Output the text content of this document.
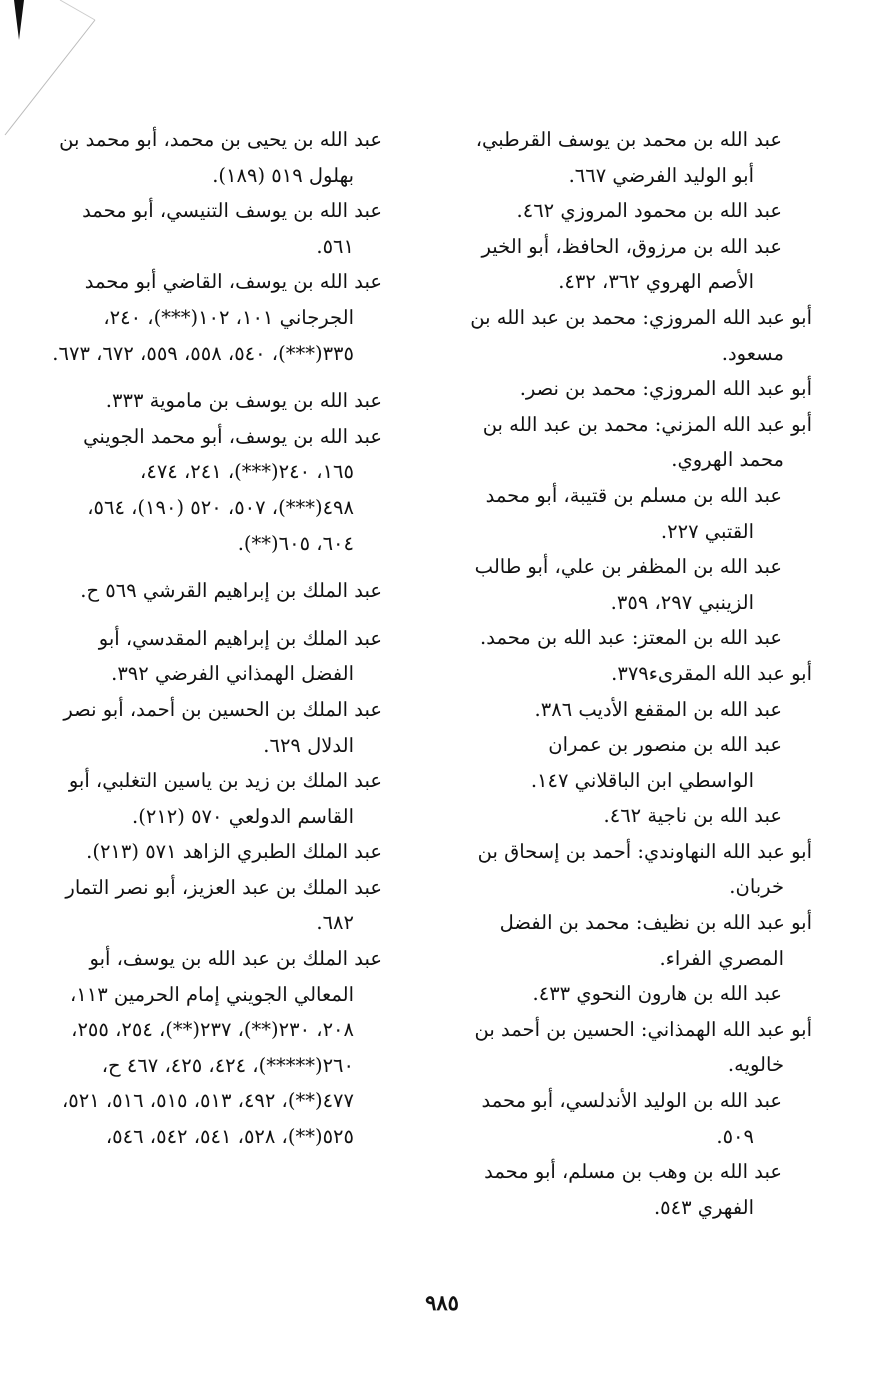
عبد الله بن محمد بن يوسف القرطبي، أبو الوليد الفرضي ٦٦٧.

عبد الله بن محمود المروزي ٤٦٢.

عبد الله بن مرزوق، الحافظ، أبو الخير الأصم الهروي ٣٦٢، ٤٣٢.

أبو عبد الله المروزي: محمد بن عبد الله بن مسعود.

أبو عبد الله المروزي: محمد بن نصر.

أبو عبد الله المزني: محمد بن عبد الله بن محمد الهروي.

عبد الله بن مسلم بن قتيبة، أبو محمد القتبي ٢٢٧.

عبد الله بن المظفر بن علي، أبو طالب الزينبي ٢٩٧، ٣٥٩.

عبد الله بن المعتز: عبد الله بن محمد.

أبو عبد الله المقرىء٣٧٩.

عبد الله بن المقفع الأديب ٣٨٦.

عبد الله بن منصور بن عمران الواسطي ابن الباقلاني ١٤٧.

عبد الله بن ناجية ٤٦٢.

أبو عبد الله النهاوندي: أحمد بن إسحاق بن خربان.

أبو عبد الله بن نظيف: محمد بن الفضل المصري الفراء.

عبد الله بن هارون النحوي ٤٣٣.

أبو عبد الله الهمذاني: الحسين بن أحمد بن خالويه.

عبد الله بن الوليد الأندلسي، أبو محمد ٥٠٩.

عبد الله بن وهب بن مسلم، أبو محمد الفهري ٥٤٣.

عبد الله بن يحيى بن محمد، أبو محمد بن بهلول ٥١٩ (١٨٩).

عبد الله بن يوسف التنيسي، أبو محمد ٥٦١.

عبد الله بن يوسف، القاضي أبو محمد الجرجاني ١٠١، ١٠٢(***)، ٢٤٠، ٣٣٥(***)، ٥٤٠، ٥٥٨، ٥٥٩، ٦٧٢، ٦٧٣.

عبد الله بن يوسف بن ماموية ٣٣٣.

عبد الله بن يوسف، أبو محمد الجويني ١٦٥، ٢٤٠(***)، ٢٤١، ٤٧٤، ٤٩٨(***)، ٥٠٧، ٥٢٠ (١٩٠)، ٥٦٤، ٦٠٤، ٦٠٥(**).

عبد الملك بن إبراهيم القرشي ٥٦٩ ح.

عبد الملك بن إبراهيم المقدسي، أبو الفضل الهمذاني الفرضي ٣٩٢.

عبد الملك بن الحسين بن أحمد، أبو نصر الدلال ٦٢٩.

عبد الملك بن زيد بن ياسين التغلبي، أبو القاسم الدولعي ٥٧٠ (٢١٢).

عبد الملك الطبري الزاهد ٥٧١ (٢١٣).

عبد الملك بن عبد العزيز، أبو نصر التمار ٦٨٢.

عبد الملك بن عبد الله بن يوسف، أبو المعالي الجويني إمام الحرمين ١١٣، ٢٠٨، ٢٣٠(**)، ٢٣٧(**)، ٢٥٤، ٢٥٥، ٢٦٠(*****)، ٤٢٤، ٤٢٥، ٤٦٧ ح، ٤٧٧(**)، ٤٩٢، ٥١٣، ٥١٥، ٥١٦، ٥٢١، ٥٢٥(**)، ٥٢٨، ٥٤١، ٥٤٢، ٥٤٦،

٩٨٥
